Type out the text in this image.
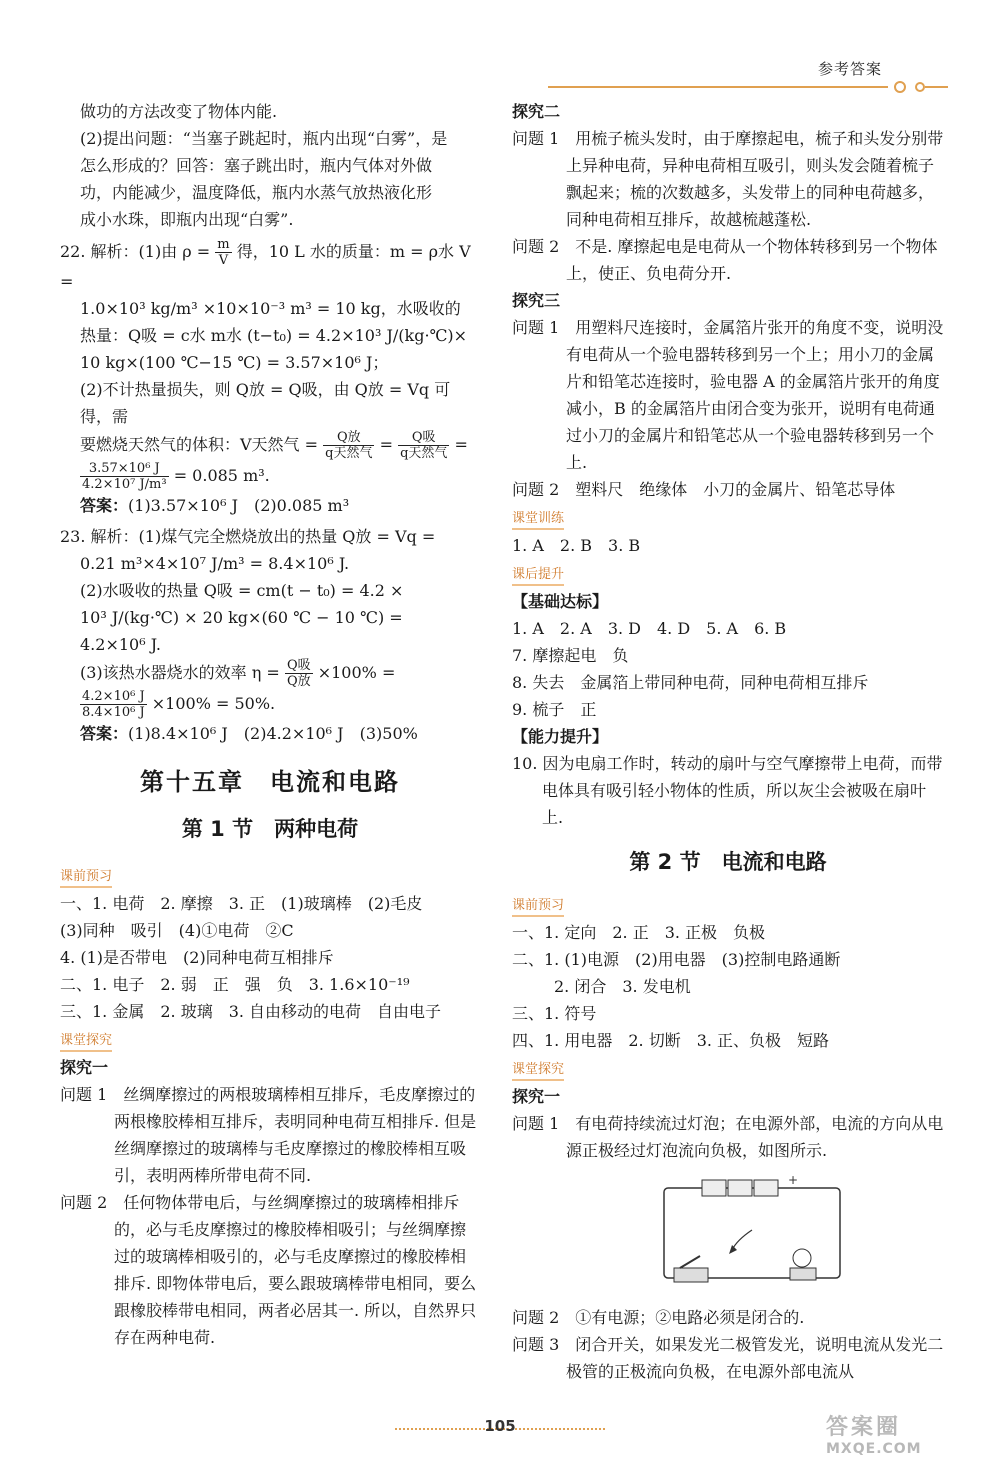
参考答案

做功的方法改变了物体内能.

(2)提出问题：“当塞子跳起时，瓶内出现“白雾”，是

怎么形成的？回答：塞子跳出时，瓶内气体对外做

功，内能减少，温度降低，瓶内水蒸气放热液化形

成小水珠，即瓶内出现“白雾”.

22. 解析：(1)由 $\rho = \frac{m}{V}$ 得，10 L 水的质量：m = ρ水 V =

1.0×10³ kg/m³ ×10×10⁻³ m³ = 10 kg，水吸收的

热量：Q吸 = c水 m水 (t−t₀) = 4.2×10³ J/(kg·℃)×

10 kg×(100 ℃−15 ℃) = 3.57×10⁶ J；

(2)不计热量损失，则 Q放 = Q吸，由 Q放 = Vq 可得，需

要燃烧天然气的体积：V天然气 = $\frac{\text{Q放}}{\text{q天然气}} = \frac{\text{Q吸}}{\text{q天然气}}$ =

$\frac{\text{3.57×10⁶ J}}{\text{4.2×10⁷ J/m³}} = 0.085$ m³.

答案：(1)3.57×10⁶ J　(2)0.085 m³

23. 解析：(1)煤气完全燃烧放出的热量 Q放 = Vq =

0.21 m³×4×10⁷ J/m³ = 8.4×10⁶ J.

(2)水吸收的热量 Q吸 = cm(t − t₀) = 4.2 ×

10³ J/(kg·℃) × 20 kg×(60 ℃ − 10 ℃) =

4.2×10⁶ J.

(3)该热水器烧水的效率 $\eta = \frac{\text{Q吸}}{\text{Q放}} \times 100\%$ =

$\frac{\text{4.2×10⁶ J}}{\text{8.4×10⁶ J}} \times 100\% = 50\%$.

答案：(1)8.4×10⁶ J　(2)4.2×10⁶ J　(3)50%

第十五章　电流和电路
第 1 节　两种电荷
课前预习

一、1. 电荷　2. 摩擦　3. 正　(1)玻璃棒　(2)毛皮

(3)同种　吸引　(4)①电荷　②C

4. (1)是否带电　(2)同种电荷互相排斥

二、1. 电子　2. 弱　正　强　负　3. 1.6×10⁻¹⁹

三、1. 金属　2. 玻璃　3. 自由移动的电荷　自由电子

课堂探究

探究一

问题 1　 丝绸摩擦过的两根玻璃棒相互排斥，毛皮摩擦过的两根橡胶棒相互排斥，表明同种电荷互相排斥. 但是丝绸摩擦过的玻璃棒与毛皮摩擦过的橡胶棒相互吸引，表明两棒所带电荷不同.

问题 2　 任何物体带电后，与丝绸摩擦过的玻璃棒相排斥的，必与毛皮摩擦过的橡胶棒相吸引；与丝绸摩擦过的玻璃棒相吸引的，必与毛皮摩擦过的橡胶棒相排斥. 即物体带电后，要么跟玻璃棒带电相同，要么跟橡胶棒带电相同，两者必居其一. 所以，自然界只存在两种电荷.

探究二

问题 1　 用梳子梳头发时，由于摩擦起电，梳子和头发分别带上异种电荷，异种电荷相互吸引，则头发会随着梳子飘起来；梳的次数越多，头发带上的同种电荷越多，同种电荷相互排斥，故越梳越蓬松.

问题 2　 不是. 摩擦起电是电荷从一个物体转移到另一个物体上，使正、负电荷分开.

探究三

问题 1　 用塑料尺连接时，金属箔片张开的角度不变，说明没有电荷从一个验电器转移到另一个上；用小刀的金属片和铅笔芯连接时，验电器 A 的金属箔片张开的角度减小，B 的金属箔片由闭合变为张开，说明有电荷通过小刀的金属片和铅笔芯从一个验电器转移到另一个上.

问题 2　 塑料尺　绝缘体　小刀的金属片、铅笔芯导体

课堂训练

1. A　2. B　3. B

课后提升

【基础达标】

1. A　2. A　3. D　4. D　5. A　6. B

7. 摩擦起电　负

8. 失去　金属箔上带同种电荷，同种电荷相互排斥

9. 梳子　正

【能力提升】

10. 因为电扇工作时，转动的扇叶与空气摩擦带上电荷，而带电体具有吸引轻小物体的性质，所以灰尘会被吸在扇叶上.

第 2 节　电流和电路
课前预习

一、1. 定向　2. 正　3. 正极　负极

二、1. (1)电源　(2)用电器　(3)控制电路通断

2. 闭合　3. 发电机

三、1. 符号

四、1. 用电器　2. 切断　3. 正、负极　短路

课堂探究

探究一

问题 1　 有电荷持续流过灯泡；在电源外部，电流的方向从电源正极经过灯泡流向负极，如图所示.

+

问题 2　 ①有电源；②电路必须是闭合的.

问题 3　 闭合开关，如果发光二极管发光，说明电流从发光二极管的正极流向负极，在电源外部电流从

105	答案圈
MXQE.COM
